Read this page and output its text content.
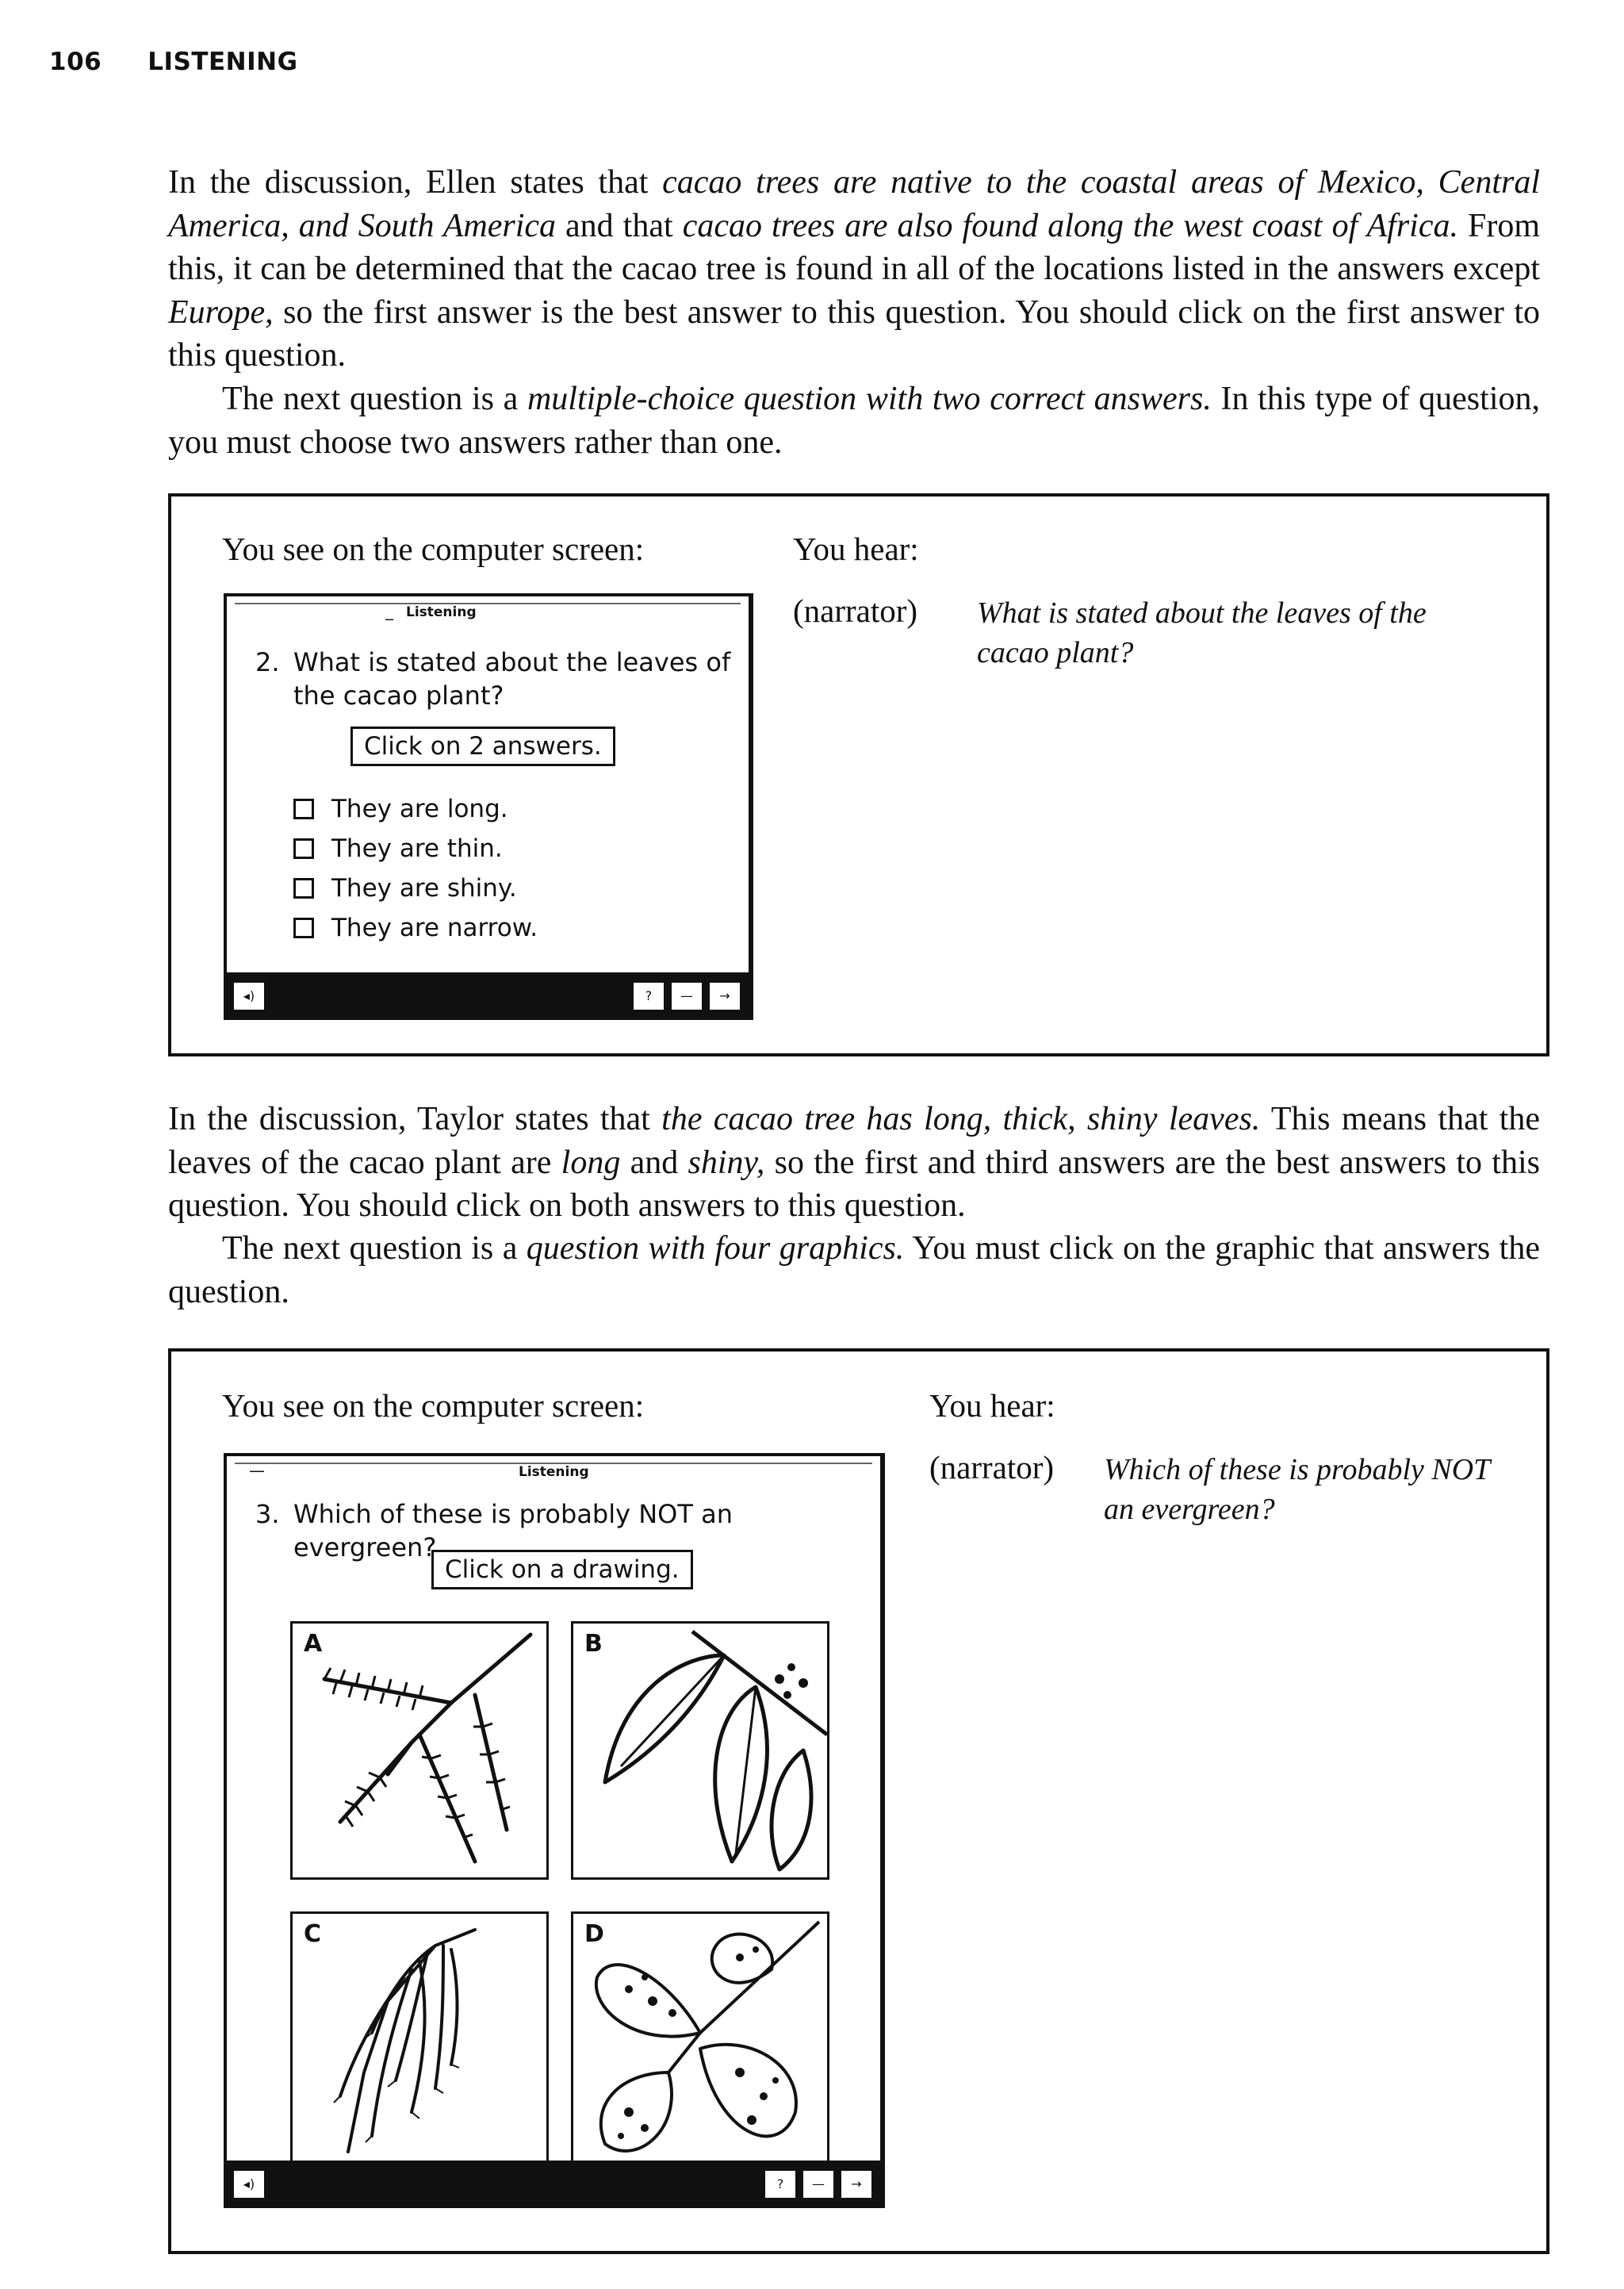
106 LISTENING

In the discussion, Ellen states that cacao trees are native to the coastal areas of Mexico, Central America, and South America and that cacao trees are also found along the west coast of Africa. From this, it can be determined that the cacao tree is found in all of the locations listed in the answers except Europe, so the first answer is the best answer to this question. You should click on the first answer to this question.

The next question is a multiple-choice question with two correct answers. In this type of question, you must choose two answers rather than one.

You see on the computer screen:	You hear:
(narrator) What is stated about the leaves of the cacao plant?
_ Listening
2. What is stated about the leaves of the cacao plant?
Click on 2 answers.
They are long.
They are thin.
They are shiny.
They are narrow.
◂)	?	—	→

In the discussion, Taylor states that the cacao tree has long, thick, shiny leaves. This means that the leaves of the cacao plant are long and shiny, so the first and third answers are the best answers to this question. You should click on both answers to this question.

The next question is a question with four graphics. You must click on the graphic that answers the question.

You see on the computer screen:	You hear:
(narrator) Which of these is probably NOT an evergreen?
—	Listening
3. Which of these is probably NOT an evergreen?
Click on a drawing.
A	B
C	D
◂)	?	—	→
